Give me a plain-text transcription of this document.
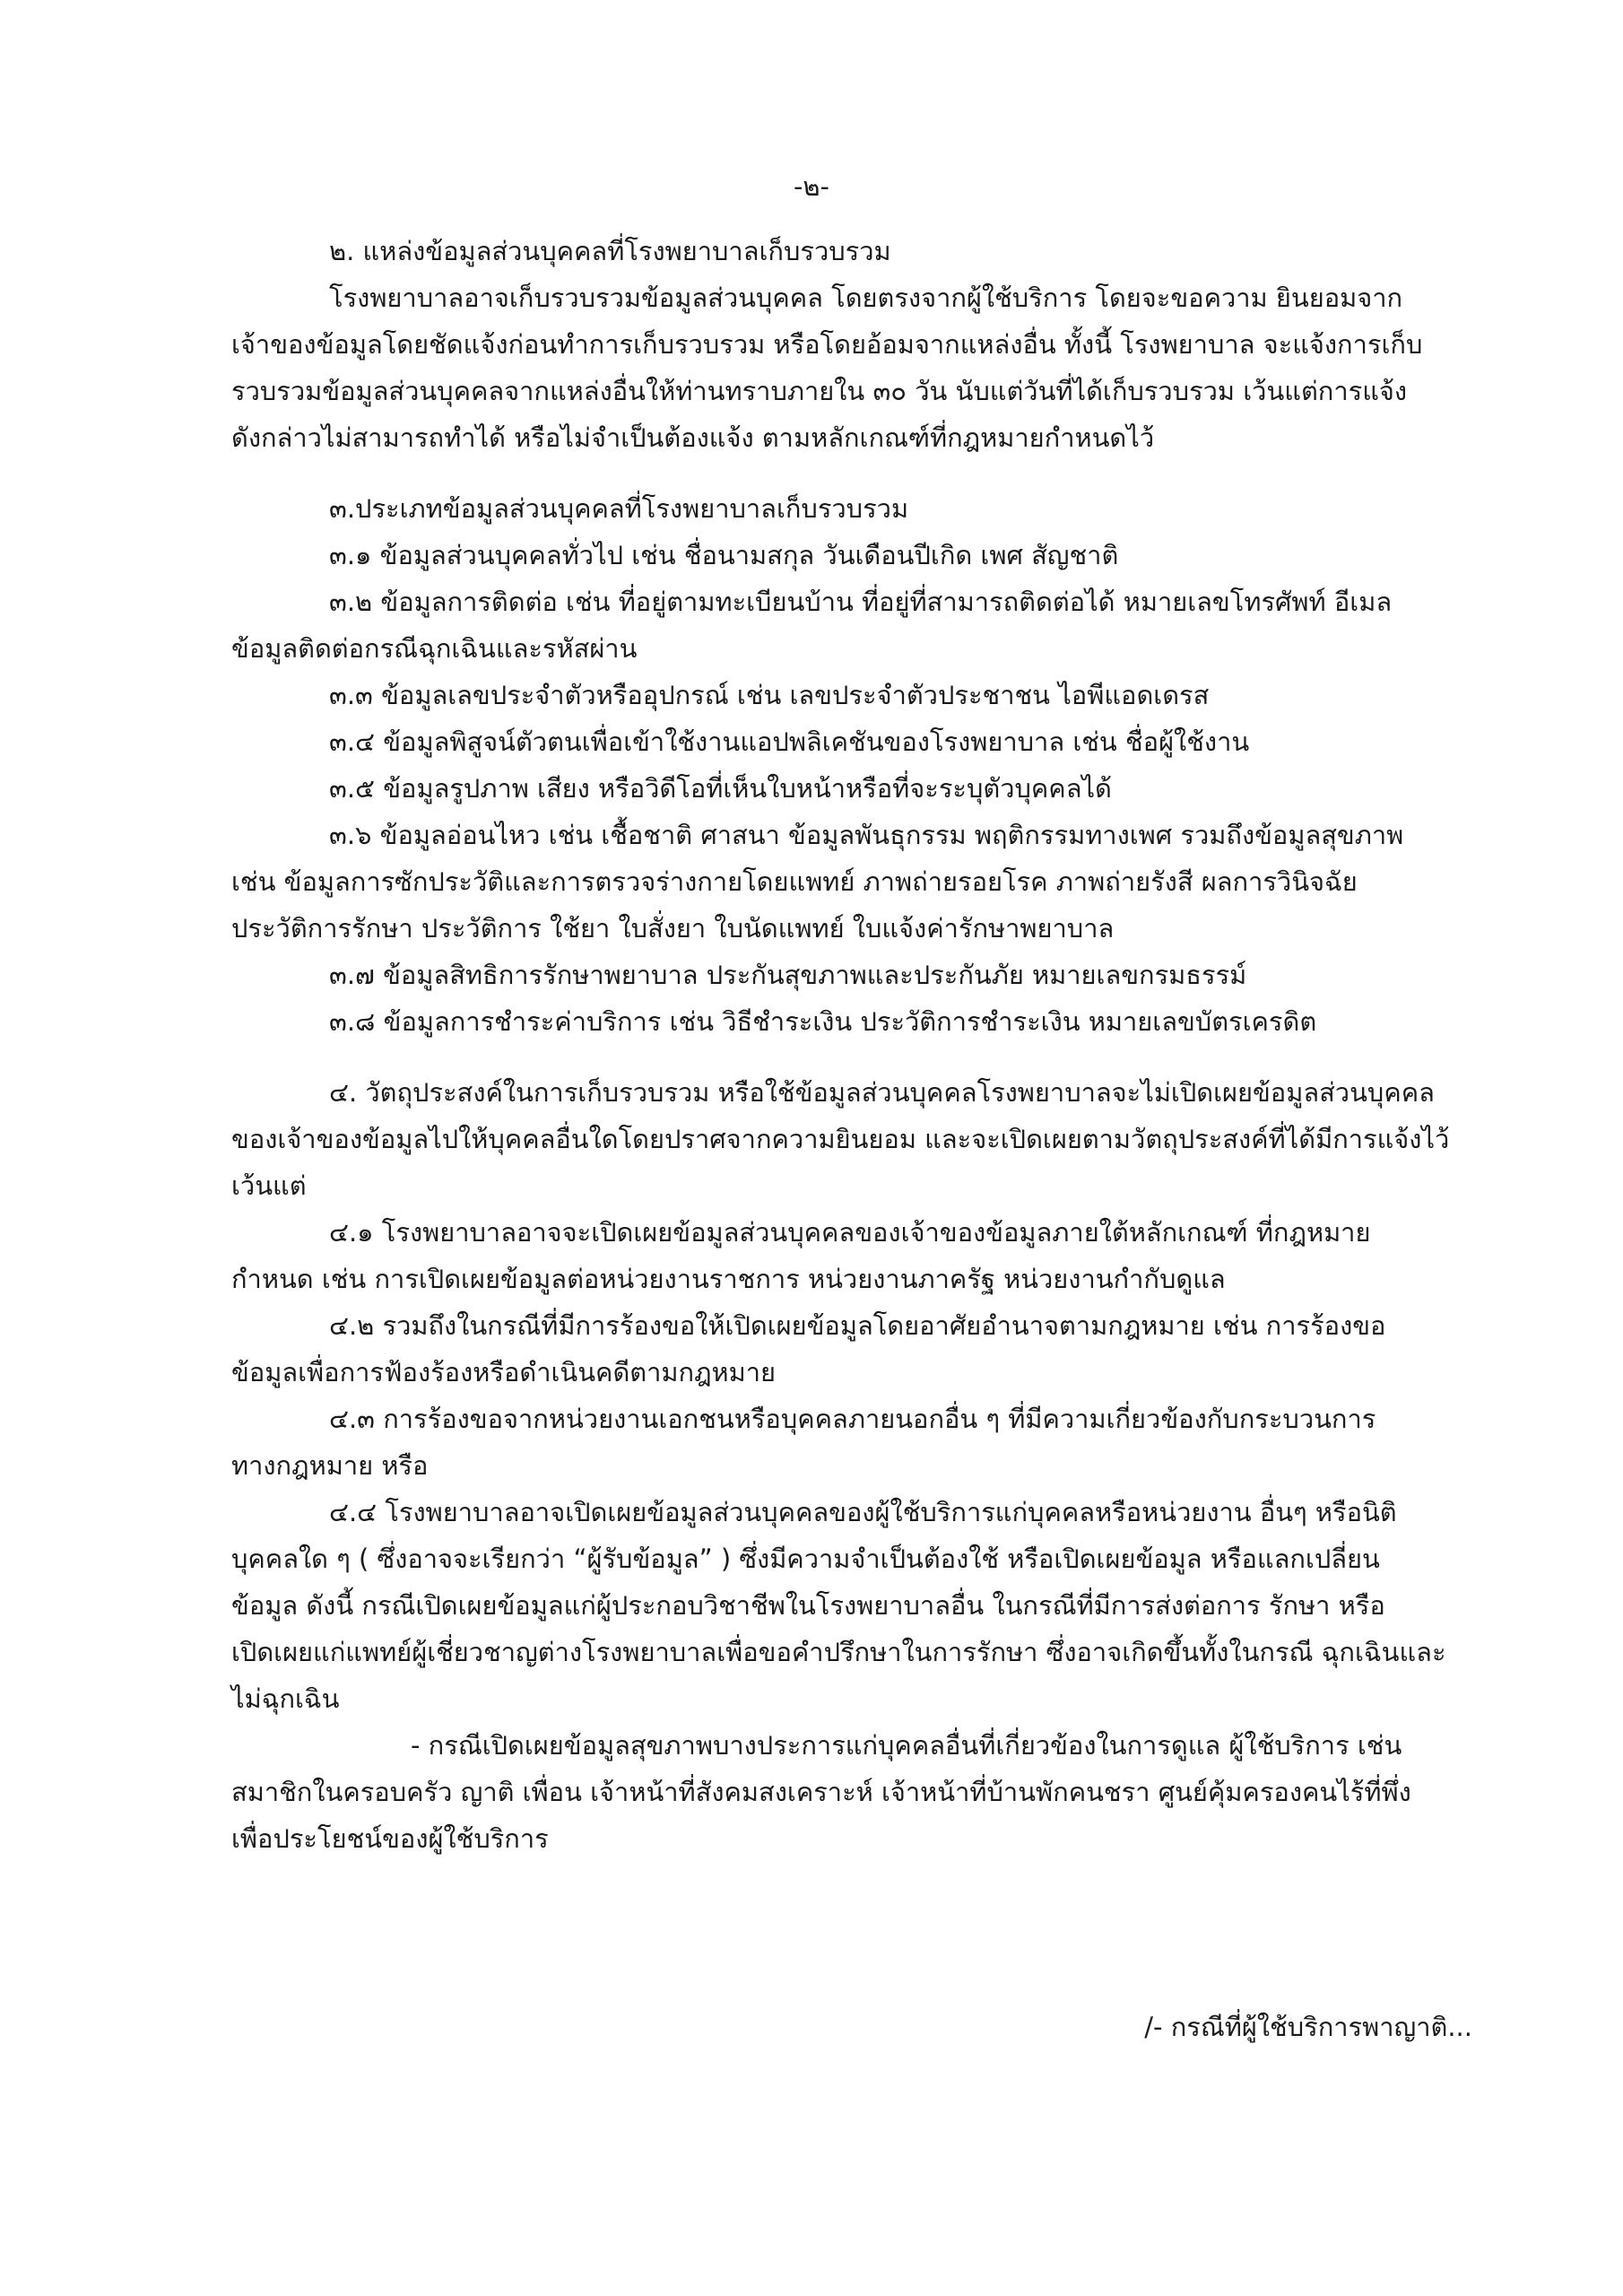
-๒-

๒. แหล่งข้อมูลส่วนบุคคลที่โรงพยาบาลเก็บรวบรวม

โรงพยาบาลอาจเก็บรวบรวมข้อมูลส่วนบุคคล โดยตรงจากผู้ใช้บริการ โดยจะขอความ ยินยอมจาก

เจ้าของข้อมูลโดยชัดแจ้งก่อนทำการเก็บรวบรวม หรือโดยอ้อมจากแหล่งอื่น ทั้งนี้ โรงพยาบาล จะแจ้งการเก็บ

รวบรวมข้อมูลส่วนบุคคลจากแหล่งอื่นให้ท่านทราบภายใน ๓๐ วัน นับแต่วันที่ได้เก็บรวบรวม เว้นแต่การแจ้ง

ดังกล่าวไม่สามารถทำได้ หรือไม่จำเป็นต้องแจ้ง ตามหลักเกณฑ์ที่กฎหมายกำหนดไว้

๓.ประเภทข้อมูลส่วนบุคคลที่โรงพยาบาลเก็บรวบรวม

๓.๑ ข้อมูลส่วนบุคคลทั่วไป เช่น ชื่อนามสกุล วันเดือนปีเกิด เพศ สัญชาติ

๓.๒ ข้อมูลการติดต่อ เช่น ที่อยู่ตามทะเบียนบ้าน ที่อยู่ที่สามารถติดต่อได้ หมายเลขโทรศัพท์ อีเมล

ข้อมูลติดต่อกรณีฉุกเฉินและรหัสผ่าน

๓.๓ ข้อมูลเลขประจำตัวหรืออุปกรณ์ เช่น เลขประจำตัวประชาชน ไอพีแอดเดรส

๓.๔ ข้อมูลพิสูจน์ตัวตนเพื่อเข้าใช้งานแอปพลิเคชันของโรงพยาบาล เช่น ชื่อผู้ใช้งาน

๓.๕ ข้อมูลรูปภาพ เสียง หรือวิดีโอที่เห็นใบหน้าหรือที่จะระบุตัวบุคคลได้

๓.๖ ข้อมูลอ่อนไหว เช่น เชื้อชาติ ศาสนา ข้อมูลพันธุกรรม พฤติกรรมทางเพศ รวมถึงข้อมูลสุขภาพ

เช่น ข้อมูลการซักประวัติและการตรวจร่างกายโดยแพทย์ ภาพถ่ายรอยโรค ภาพถ่ายรังสี ผลการวินิจฉัย

ประวัติการรักษา ประวัติการ ใช้ยา ใบสั่งยา ใบนัดแพทย์ ใบแจ้งค่ารักษาพยาบาล

๓.๗ ข้อมูลสิทธิการรักษาพยาบาล ประกันสุขภาพและประกันภัย หมายเลขกรมธรรม์

๓.๘ ข้อมูลการชำระค่าบริการ เช่น วิธีชำระเงิน ประวัติการชำระเงิน หมายเลขบัตรเครดิต

๔. วัตถุประสงค์ในการเก็บรวบรวม หรือใช้ข้อมูลส่วนบุคคลโรงพยาบาลจะไม่เปิดเผยข้อมูลส่วนบุคคล

ของเจ้าของข้อมูลไปให้บุคคลอื่นใดโดยปราศจากความยินยอม และจะเปิดเผยตามวัตถุประสงค์ที่ได้มีการแจ้งไว้

เว้นแต่

๔.๑ โรงพยาบาลอาจจะเปิดเผยข้อมูลส่วนบุคคลของเจ้าของข้อมูลภายใต้หลักเกณฑ์ ที่กฎหมาย

กำหนด เช่น การเปิดเผยข้อมูลต่อหน่วยงานราชการ หน่วยงานภาครัฐ หน่วยงานกำกับดูแล

๔.๒ รวมถึงในกรณีที่มีการร้องขอให้เปิดเผยข้อมูลโดยอาศัยอำนาจตามกฎหมาย เช่น การร้องขอ

ข้อมูลเพื่อการฟ้องร้องหรือดำเนินคดีตามกฎหมาย

๔.๓ การร้องขอจากหน่วยงานเอกชนหรือบุคคลภายนอกอื่น ๆ ที่มีความเกี่ยวข้องกับกระบวนการ

ทางกฎหมาย หรือ

๔.๔ โรงพยาบาลอาจเปิดเผยข้อมูลส่วนบุคคลของผู้ใช้บริการแก่บุคคลหรือหน่วยงาน อื่นๆ หรือนิติ

บุคคลใด ๆ ( ซึ่งอาจจะเรียกว่า “ผู้รับข้อมูล” ) ซึ่งมีความจำเป็นต้องใช้ หรือเปิดเผยข้อมูล หรือแลกเปลี่ยน

ข้อมูล ดังนี้ กรณีเปิดเผยข้อมูลแก่ผู้ประกอบวิชาชีพในโรงพยาบาลอื่น ในกรณีที่มีการส่งต่อการ รักษา หรือ

เปิดเผยแก่แพทย์ผู้เชี่ยวชาญต่างโรงพยาบาลเพื่อขอคำปรึกษาในการรักษา ซึ่งอาจเกิดขึ้นทั้งในกรณี ฉุกเฉินและ

ไม่ฉุกเฉิน

- กรณีเปิดเผยข้อมูลสุขภาพบางประการแก่บุคคลอื่นที่เกี่ยวข้องในการดูแล ผู้ใช้บริการ เช่น

สมาชิกในครอบครัว ญาติ เพื่อน เจ้าหน้าที่สังคมสงเคราะห์ เจ้าหน้าที่บ้านพักคนชรา ศูนย์คุ้มครองคนไร้ที่พึ่ง

เพื่อประโยชน์ของผู้ใช้บริการ

/- กรณีที่ผู้ใช้บริการพาญาติ...
